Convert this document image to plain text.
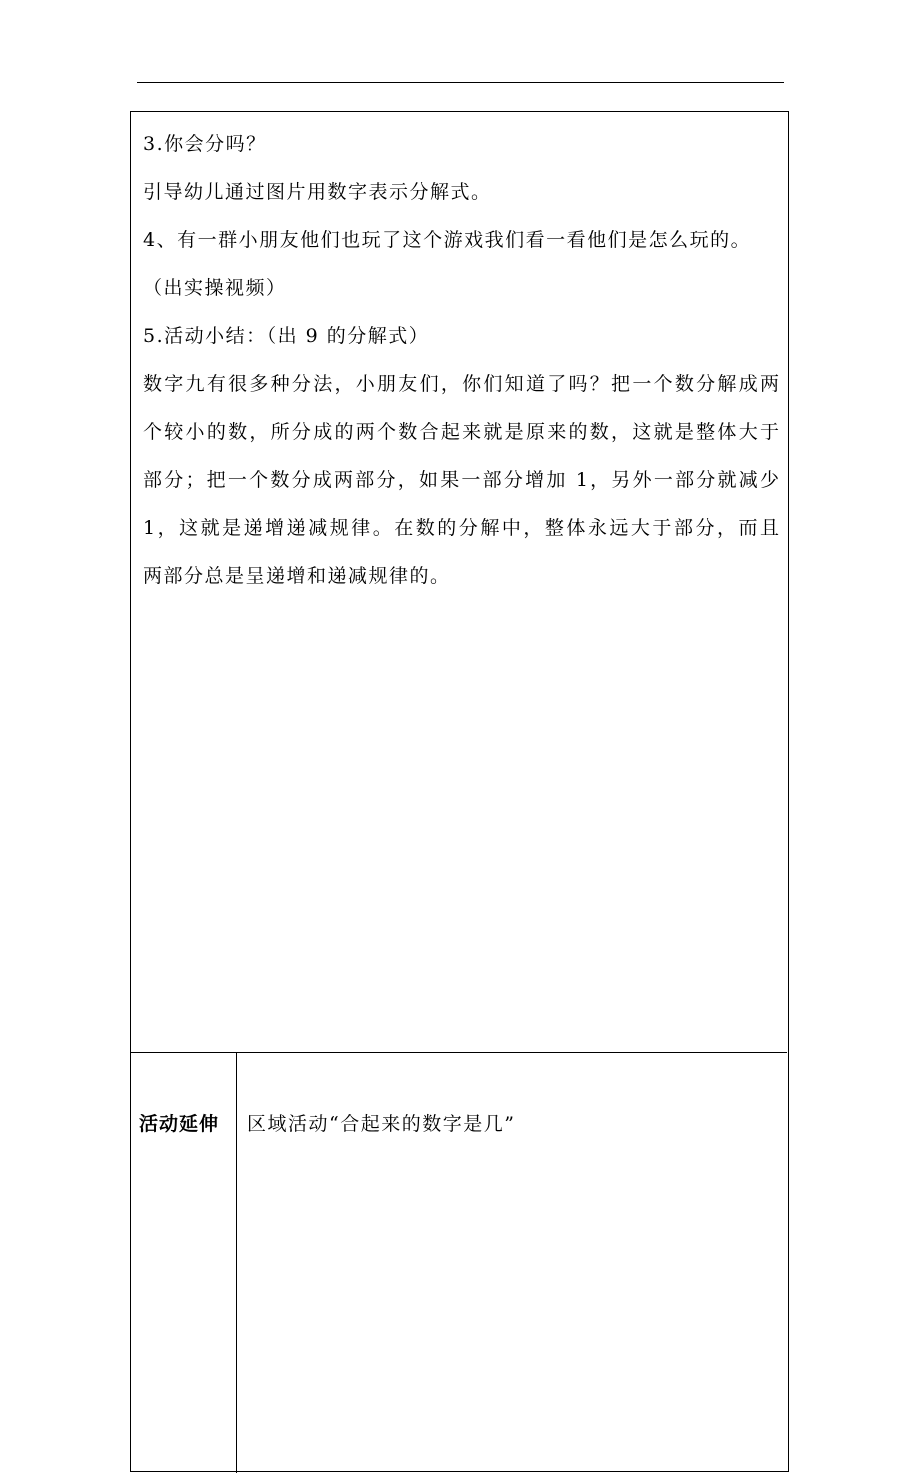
3.你会分吗？
引导幼儿通过图片用数字表示分解式。
4、有一群小朋友他们也玩了这个游戏我们看一看他们是怎么玩的。
（出实操视频）
5.活动小结：（出 9 的分解式）
数字九有很多种分法，小朋友们，你们知道了吗？把一个数分解成两
个较小的数，所分成的两个数合起来就是原来的数，这就是整体大于
部分；把一个数分成两部分，如果一部分增加 1，另外一部分就减少
1，这就是递增递减规律。在数的分解中，整体永远大于部分，而且
两部分总是呈递增和递减规律的。
活动延伸 区域活动“合起来的数字是几”
